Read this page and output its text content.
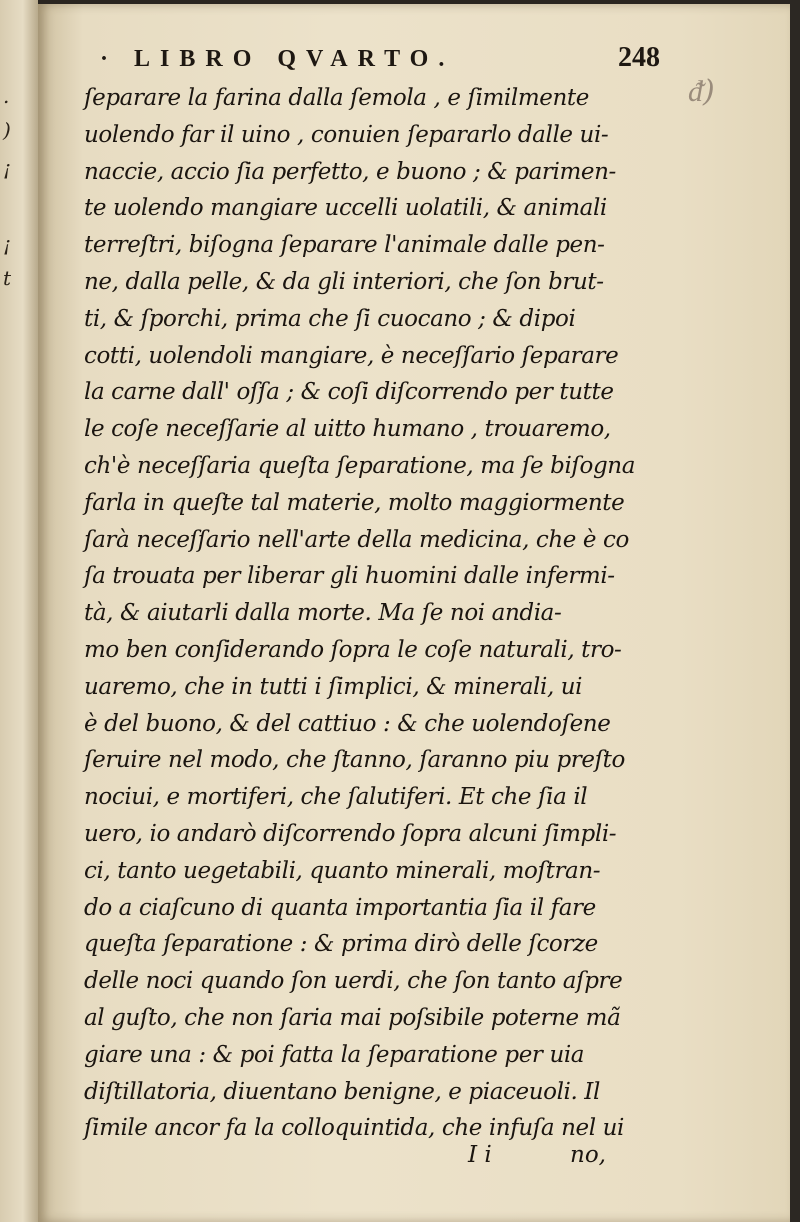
.
)
¡
¡
t
· LIBRO QVARTO.	248
ᵭ)
ſeparare la farina dalla ſemola , e ſimilmente
uolendo far il uino , conuien ſepararlo dalle ui-
naccie, accio ſia perfetto, e buono ; & parimen-
te uolendo mangiare uccelli uolatili, & animali
terreſtri, biſogna ſeparare l'animale dalle pen-
ne, dalla pelle, & da gli interiori, che ſon brut-
ti, & ſporchi, prima che ſi cuocano ; & dipoi
cotti, uolendoli mangiare, è neceſſario ſeparare
la carne dall' oſſa ; & coſi diſcorrendo per tutte
le coſe neceſſarie al uitto humano , trouaremo,
ch'è neceſſaria queſta ſeparatione, ma ſe biſogna
farla in queſte tal materie, molto maggiormente
ſarà neceſſario nell'arte della medicina, che è co
ſa trouata per liberar gli huomini dalle infermi-
tà, & aiutarli dalla morte. Ma ſe noi andia-
mo ben conſiderando ſopra le coſe naturali, tro-
uaremo, che in tutti i ſimplici, & minerali, ui
è del buono, & del cattiuo : & che uolendoſene
ſeruire nel modo, che ſtanno, ſaranno piu preſto
nociui, e mortiferi, che ſalutiferi. Et che ſia il
uero, io andarò diſcorrendo ſopra alcuni ſimpli-
ci, tanto uegetabili, quanto minerali, moſtran-
do a ciaſcuno di quanta importantia ſia il fare
queſta ſeparatione : & prima dirò delle ſcorze
delle noci quando ſon uerdi, che ſon tanto aſpre
al guſto, che non ſaria mai poſsibile poterne mã
giare una : & poi fatta la ſeparatione per uia
diſtillatoria, diuentano benigne, e piaceuoli. Il
ſimile ancor fa la colloquintida, che infuſa nel ui
I i	no,
